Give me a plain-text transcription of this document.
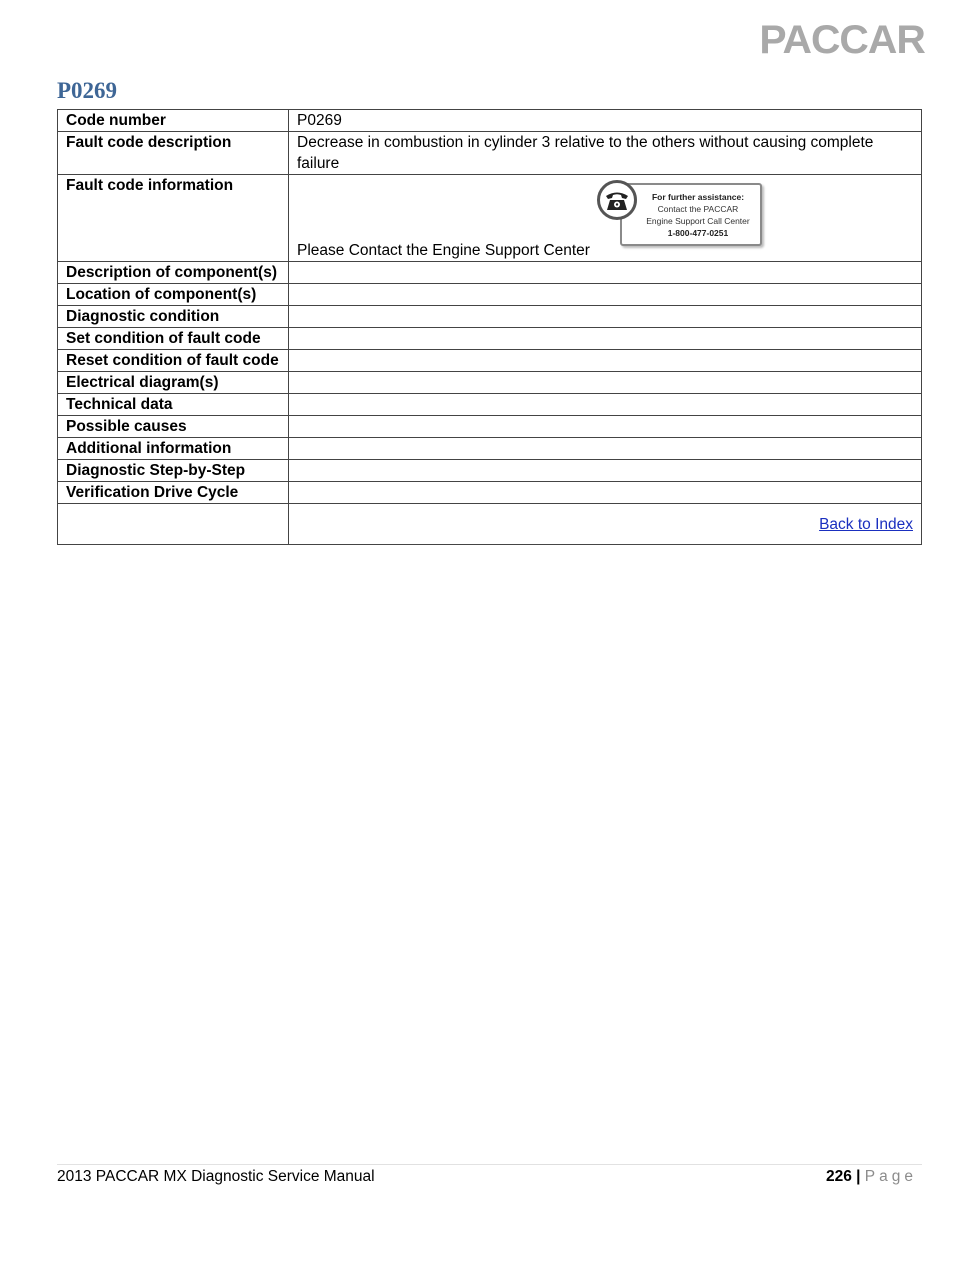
PACCAR
P0269
Code number	P0269
Fault code description	Decrease in combustion in cylinder 3 relative to the others without causing complete failure
Fault code information	Please Contact the Engine Support Center
For further assistance:
Contact the PACCAR
Engine Support Call Center
1-800-477-0251

Description of component(s)	
Location of component(s)	
Diagnostic condition	
Set condition of fault code	
Reset condition of fault code	
Electrical diagram(s)	
Technical data	
Possible causes	
Additional information	
Diagnostic Step-by-Step	
Verification Drive Cycle	

	Back to Index
2013 PACCAR MX Diagnostic Service Manual	226 | Page
